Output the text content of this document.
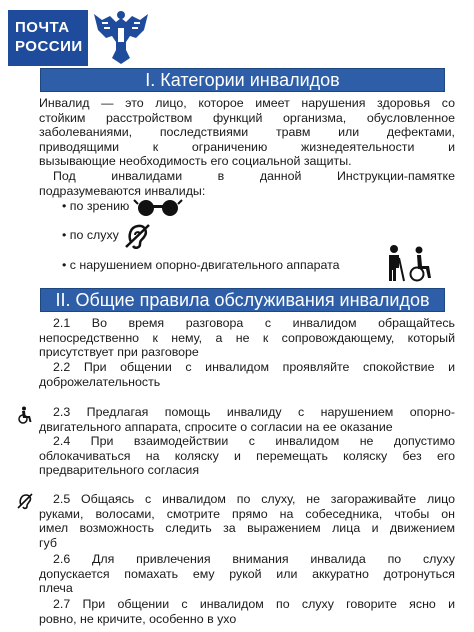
ПОЧТА
РОССИИ
I. Категории инвалидов
Инвалид — это лицо, которое имеет нарушения здоровья со
стойким расстройством функций организма, обусловленное
заболеваниями, последствиями травм или дефектами,
приводящими к ограничению жизнедеятельности и
вызывающие необходимость его социальной защиты.
Под инвалидами в данной Инструкции-памятке
подразумеваются инвалиды:
• по зрению
• по слуху
• с нарушением опорно-двигательного аппарата
II. Общие правила обслуживания инвалидов
2.1 Во время разговора с инвалидом обращайтесь
непосредственно к нему, а не к сопровождающему, который
присутствует при разговоре
2.2 При общении с инвалидом проявляйте спокойствие и
доброжелательность
2.3 Предлагая помощь инвалиду с нарушением опорно-
двигательного аппарата, спросите о согласии на ее оказание
2.4 При взаимодействии с инвалидом не допустимо
облокачиваться на коляску и перемещать коляску без его
предварительного согласия
2.5 Общаясь с инвалидом по слуху, не загораживайте лицо
руками, волосами, смотрите прямо на собеседника, чтобы он
имел возможность следить за выражением лица и движением
губ
2.6 Для привлечения внимания инвалида по слуху
допускается помахать ему рукой или аккуратно дотронуться
плеча
2.7 При общении с инвалидом по слуху говорите ясно и
ровно, не кричите, особенно в ухо
